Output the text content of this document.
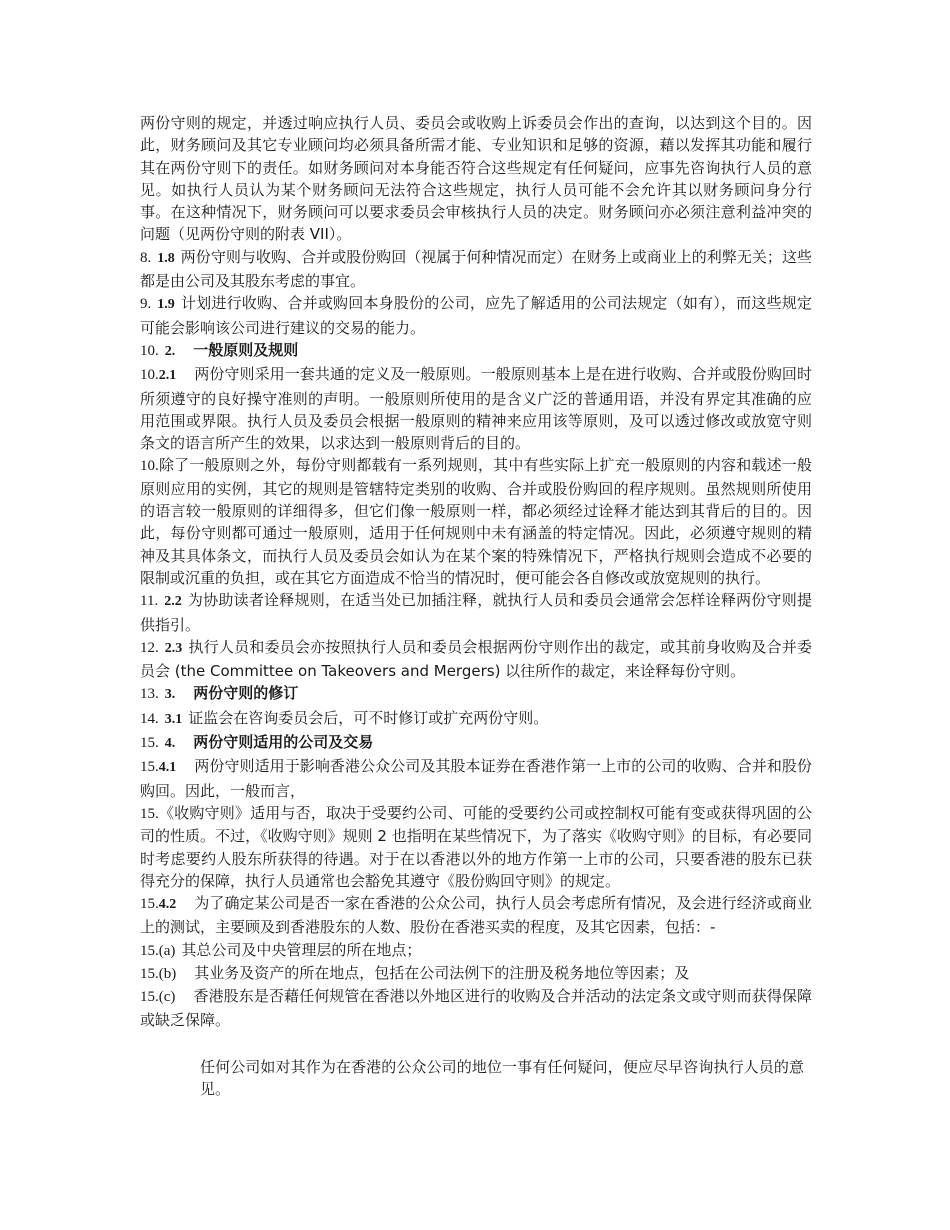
两份守则的规定，并透过响应执行人员、委员会或收购上诉委员会作出的查询，以达到这个目的。因此，财务顾问及其它专业顾问均必须具备所需才能、专业知识和足够的资源，藉以发挥其功能和履行其在两份守则下的责任。如财务顾问对本身能否符合这些规定有任何疑问，应事先咨询执行人员的意见。如执行人员认为某个财务顾问无法符合这些规定，执行人员可能不会允许其以财务顾问身分行事。在这种情况下，财务顾问可以要求委员会审核执行人员的决定。财务顾问亦必须注意利益冲突的问题（见两份守则的附表 VII）。

8. 1.8 两份守则与收购、合并或股份购回（视属于何种情况而定）在财务上或商业上的利弊无关；这些都是由公司及其股东考虑的事宜。

9. 1.9 计划进行收购、合并或购回本身股份的公司，应先了解适用的公司法规定（如有），而这些规定可能会影响该公司进行建议的交易的能力。

10. 2. 一般原则及规则

10.2.1 两份守则采用一套共通的定义及一般原则。一般原则基本上是在进行收购、合并或股份购回时所须遵守的良好操守准则的声明。一般原则所使用的是含义广泛的普通用语，并没有界定其准确的应用范围或界限。执行人员及委员会根据一般原则的精神来应用该等原则，及可以透过修改或放宽守则条文的语言所产生的效果，以求达到一般原则背后的目的。

10.除了一般原则之外，每份守则都载有一系列规则，其中有些实际上扩充一般原则的内容和载述一般原则应用的实例，其它的规则是管辖特定类别的收购、合并或股份购回的程序规则。虽然规则所使用的语言较一般原则的详细得多，但它们像一般原则一样，都必须经过诠释才能达到其背后的目的。因此，每份守则都可通过一般原则，适用于任何规则中未有涵盖的特定情况。因此，必须遵守规则的精神及其具体条文，而执行人员及委员会如认为在某个案的特殊情况下，严格执行规则会造成不必要的限制或沉重的负担，或在其它方面造成不恰当的情况时，便可能会各自修改或放宽规则的执行。

11. 2.2 为协助读者诠释规则，在适当处已加插注释，就执行人员和委员会通常会怎样诠释两份守则提供指引。

12. 2.3 执行人员和委员会亦按照执行人员和委员会根据两份守则作出的裁定，或其前身收购及合并委员会 (the Committee on Takeovers and Mergers) 以往所作的裁定，来诠释每份守则。

13. 3. 两份守则的修订

14. 3.1 证监会在咨询委员会后，可不时修订或扩充两份守则。

15. 4. 两份守则适用的公司及交易

15.4.1 两份守则适用于影响香港公众公司及其股本证券在香港作第一上市的公司的收购、合并和股份购回。因此，一般而言，

15.《收购守则》适用与否，取决于受要约公司、可能的受要约公司或控制权可能有变或获得巩固的公司的性质。不过，《收购守则》规则 2 也指明在某些情况下，为了落实《收购守则》的目标，有必要同时考虑要约人股东所获得的待遇。对于在以香港以外的地方作第一上市的公司，只要香港的股东已获得充分的保障，执行人员通常也会豁免其遵守《股份购回守则》的规定。

15.4.2 为了确定某公司是否一家在香港的公众公司，执行人员会考虑所有情况，及会进行经济或商业上的测试，主要顾及到香港股东的人数、股份在香港买卖的程度，及其它因素，包括：-

15.(a) 其总公司及中央管理层的所在地点；

15.(b) 其业务及资产的所在地点，包括在公司法例下的注册及税务地位等因素；及

15.(c) 香港股东是否藉任何规管在香港以外地区进行的收购及合并活动的法定条文或守则而获得保障或缺乏保障。

任何公司如对其作为在香港的公众公司的地位一事有任何疑问，便应尽早咨询执行人员的意见。
